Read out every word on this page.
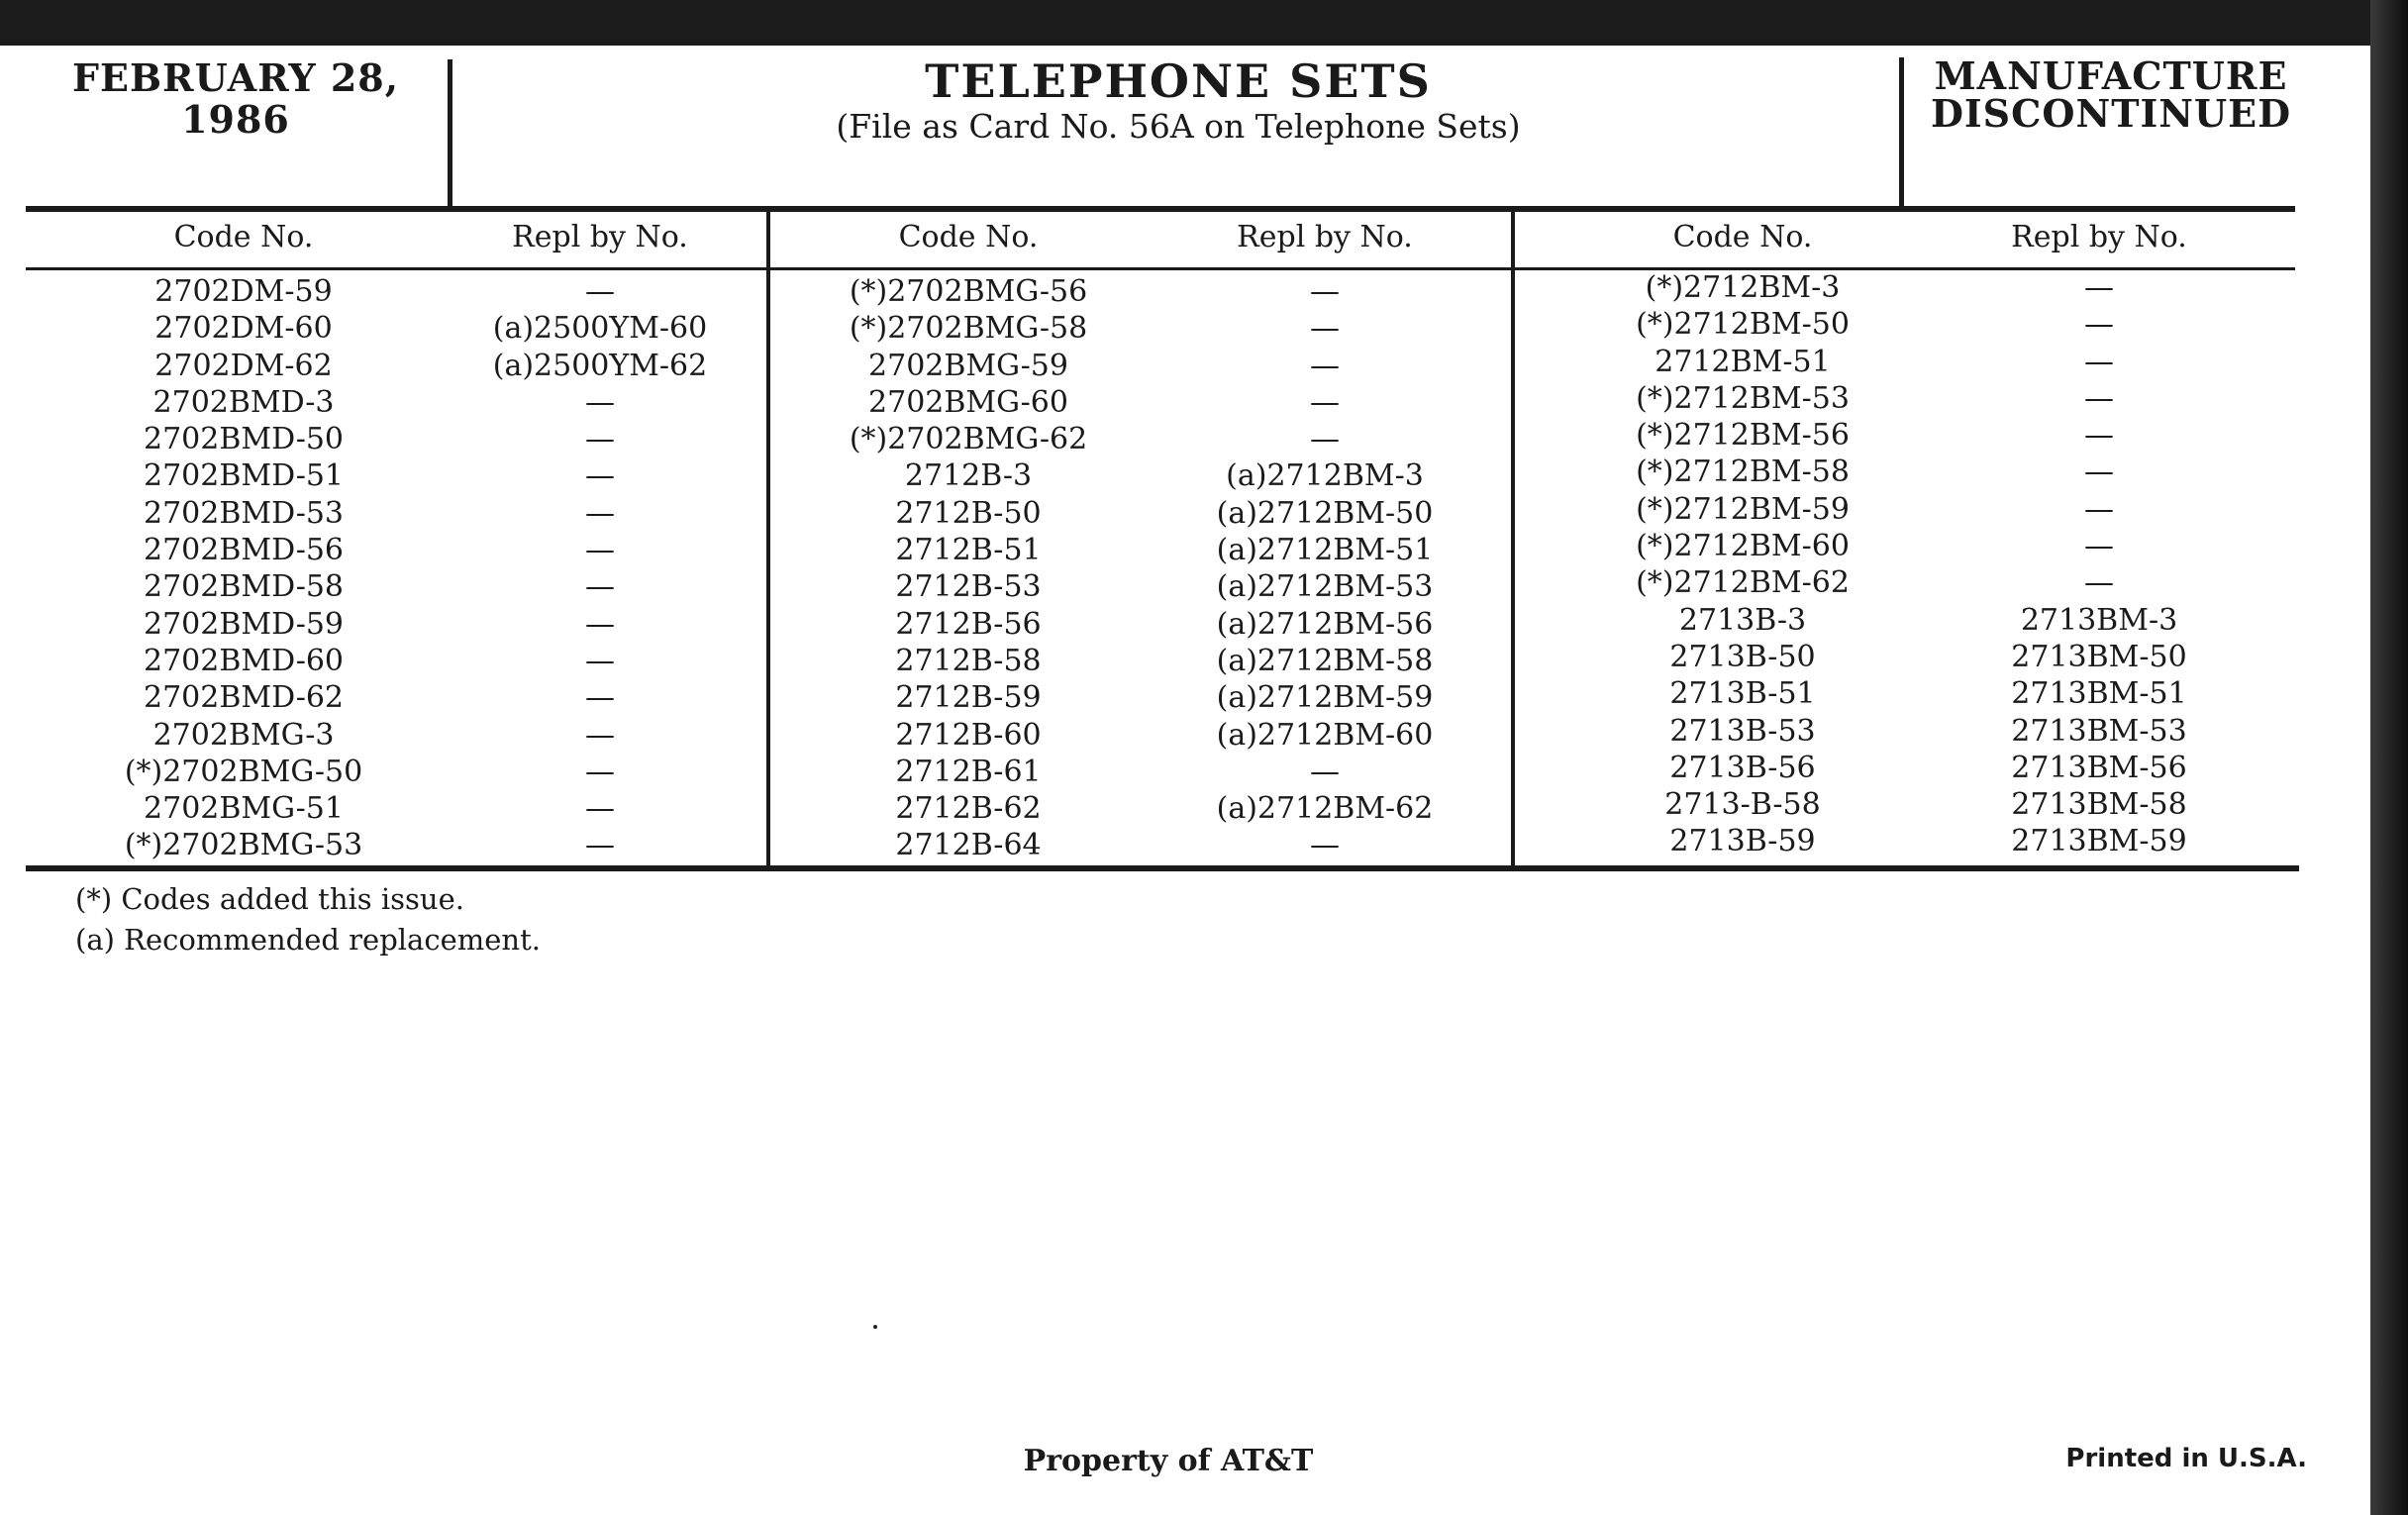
FEBRUARY 28,
1986
TELEPHONE SETS
(File as Card No. 56A on Telephone Sets)
MANUFACTURE
DISCONTINUED
Code No.	Repl by No.
2702DM-59	—
2702DM-60	(a)2500YM-60
2702DM-62	(a)2500YM-62
2702BMD-3	—
2702BMD-50	—
2702BMD-51	—
2702BMD-53	—
2702BMD-56	—
2702BMD-58	—
2702BMD-59	—
2702BMD-60	—
2702BMD-62	—
2702BMG-3	—
(*)2702BMG-50	—
2702BMG-51	—
(*)2702BMG-53	—
Code No.	Repl by No.
(*)2702BMG-56	—
(*)2702BMG-58	—
2702BMG-59	—
2702BMG-60	—
(*)2702BMG-62	—
2712B-3	(a)2712BM-3
2712B-50	(a)2712BM-50
2712B-51	(a)2712BM-51
2712B-53	(a)2712BM-53
2712B-56	(a)2712BM-56
2712B-58	(a)2712BM-58
2712B-59	(a)2712BM-59
2712B-60	(a)2712BM-60
2712B-61	—
2712B-62	(a)2712BM-62
2712B-64	—
Code No.	Repl by No.
(*)2712BM-3	—
(*)2712BM-50	—
2712BM-51	—
(*)2712BM-53	—
(*)2712BM-56	—
(*)2712BM-58	—
(*)2712BM-59	—
(*)2712BM-60	—
(*)2712BM-62	—
2713B-3	2713BM-3
2713B-50	2713BM-50
2713B-51	2713BM-51
2713B-53	2713BM-53
2713B-56	2713BM-56
2713-B-58	2713BM-58
2713B-59	2713BM-59
(*) Codes added this issue.
(a) Recommended replacement.
Property of AT&T	Printed in U.S.A.
